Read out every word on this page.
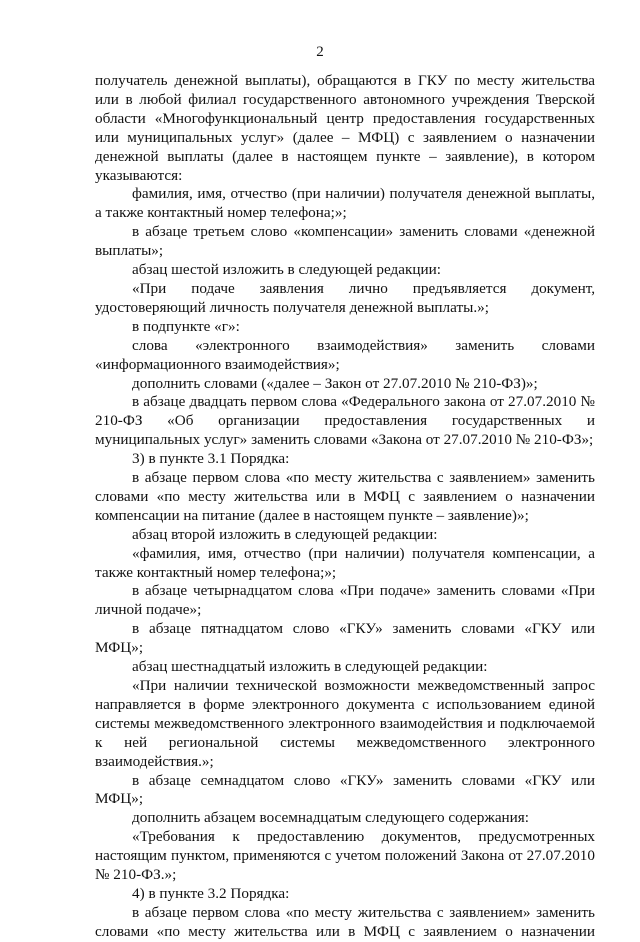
2

получатель денежной выплаты), обращаются в ГКУ по месту жительства или в любой филиал государственного автономного учреждения Тверской области «Многофункциональный центр предоставления государственных или муниципальных услуг» (далее – МФЦ) с заявлением о назначении денежной выплаты (далее в настоящем пункте – заявление), в котором указываются:

фамилия, имя, отчество (при наличии) получателя денежной выплаты, а также контактный номер телефона;»;

в абзаце третьем слово «компенсации» заменить словами «денежной выплаты»;

абзац шестой изложить в следующей редакции:

«При подаче заявления лично предъявляется документ, удостоверяющий личность получателя денежной выплаты.»;

в подпункте «г»:

слова «электронного взаимодействия» заменить словами «информационного взаимодействия»;

дополнить словами («далее – Закон от 27.07.2010 № 210-ФЗ)»;

в абзаце двадцать первом слова «Федерального закона от 27.07.2010 № 210-ФЗ «Об организации предоставления государственных и муниципальных услуг» заменить словами «Закона от 27.07.2010 № 210-ФЗ»;

3) в пункте 3.1 Порядка:

в абзаце первом слова «по месту жительства с заявлением» заменить словами «по месту жительства или в МФЦ с заявлением о назначении компенсации на питание (далее в настоящем пункте – заявление)»;

абзац второй изложить в следующей редакции:

«фамилия, имя, отчество (при наличии) получателя компенсации, а также контактный номер телефона;»;

в абзаце четырнадцатом слова «При подаче» заменить словами «При личной подаче»;

в абзаце пятнадцатом слово «ГКУ» заменить словами «ГКУ или МФЦ»;

абзац шестнадцатый изложить в следующей редакции:

«При наличии технической возможности межведомственный запрос направляется в форме электронного документа с использованием единой системы межведомственного электронного взаимодействия и подключаемой к ней региональной системы межведомственного электронного взаимодействия.»;

в абзаце семнадцатом слово «ГКУ» заменить словами «ГКУ или МФЦ»;

дополнить абзацем восемнадцатым следующего содержания:

«Требования к предоставлению документов, предусмотренных настоящим пунктом, применяются с учетом положений Закона от 27.07.2010 № 210-ФЗ.»;

4) в пункте 3.2 Порядка:

в абзаце первом слова «по месту жительства с заявлением» заменить словами «по месту жительства или в МФЦ с заявлением о назначении
